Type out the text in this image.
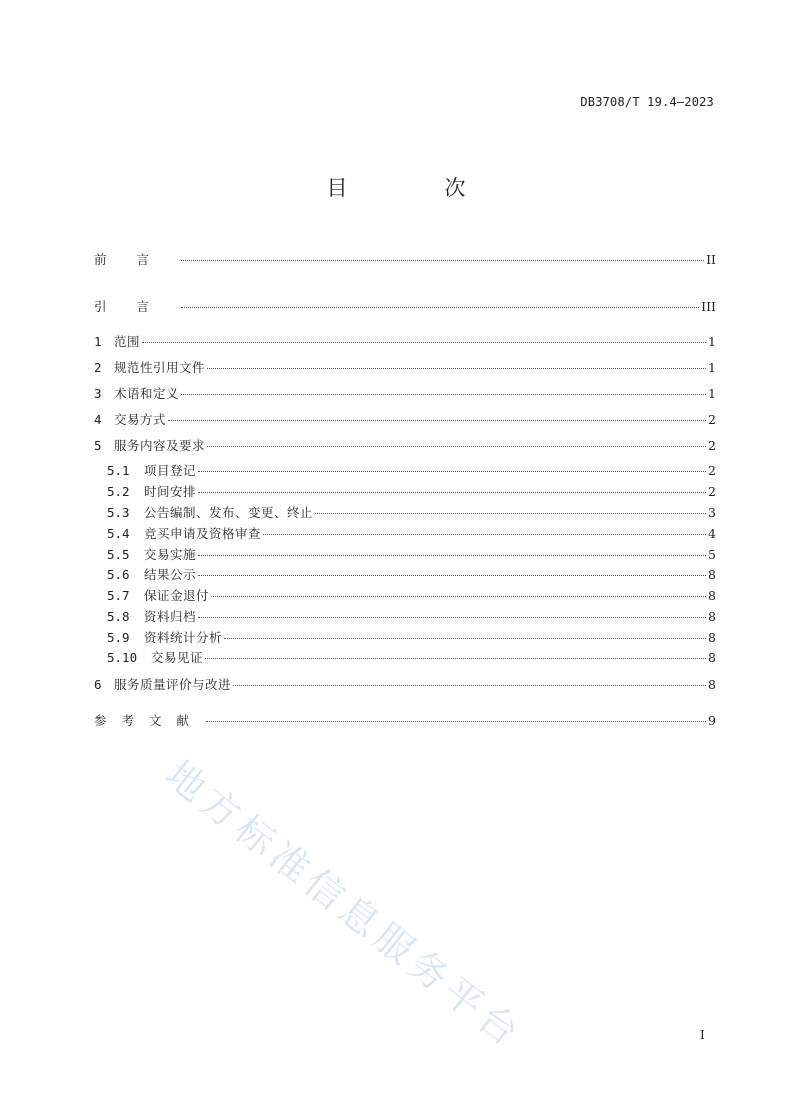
DB3708/T 19.4—2023
目　次
前言	II
引言	III
1 范围	1
2 规范性引用文件	1
3 术语和定义	1
4 交易方式	2
5 服务内容及要求	2
5.1	项目登记	2
5.2	时间安排	2
5.3	公告编制、发布、变更、终止	3
5.4	竞买申请及资格审查	4
5.5	交易实施	5
5.6	结果公示	8
5.7	保证金退付	8
5.8	资料归档	8
5.9	资料统计分析	8
5.10	交易见证	8
6 服务质量评价与改进	8
参考文献	9
I
地方标准信息服务平台
